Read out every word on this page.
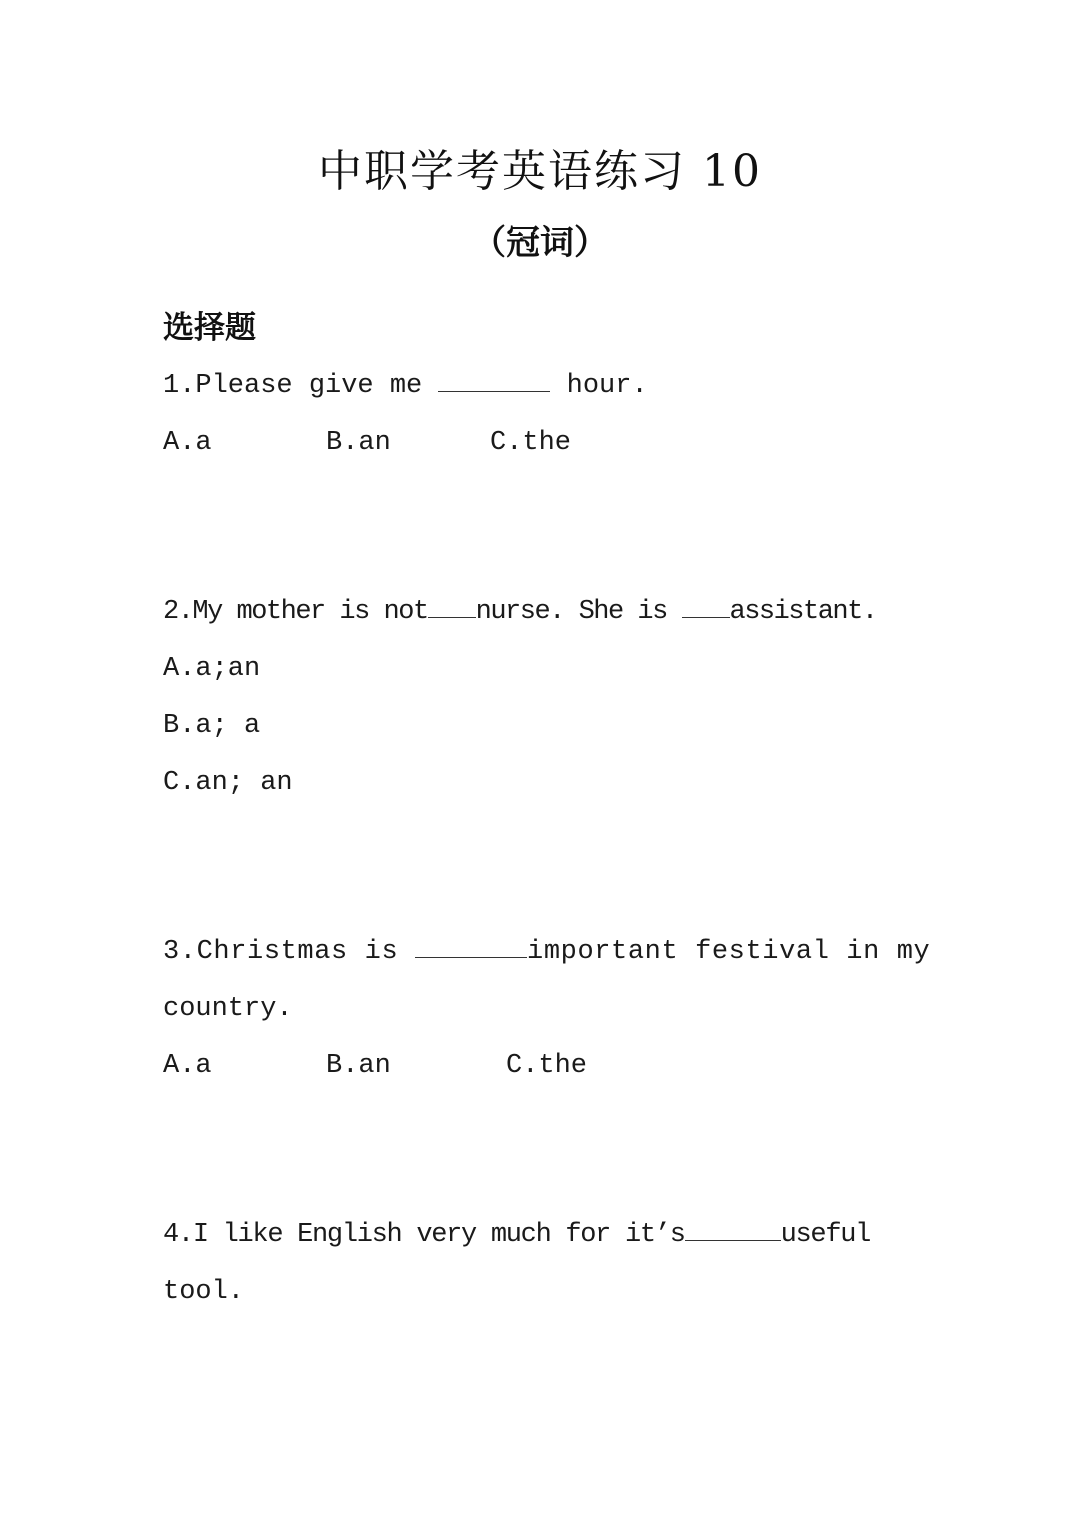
中职学考英语练习 10
（冠词）
选择题
1.Please give me	hour.
A.a	B.an	C.the
2.My mother is not nurse. She is assistant.
A.a;an
B.a; a
C.an; an
3.Christmas is	important festival in my
country.
A.a	B.an	C.the
4.I like English very much for it’s	useful
tool.
